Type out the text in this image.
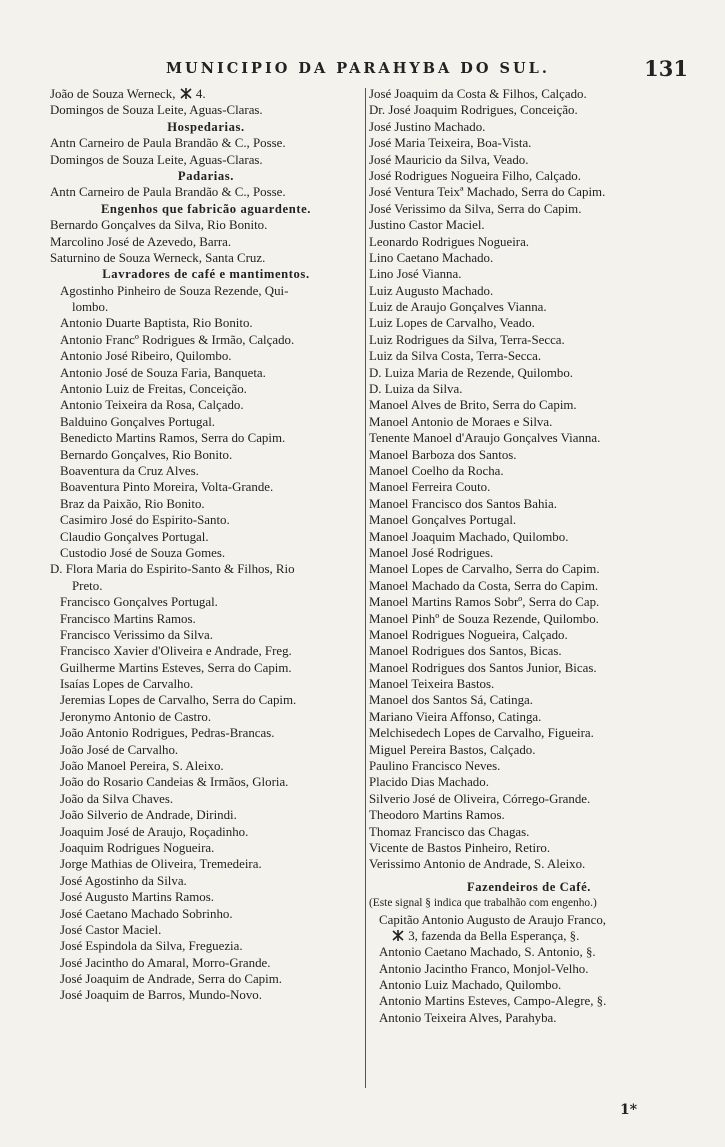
MUNICIPIO DA PARAHYBA DO SUL.	131
João de Souza Werneck,  4.
Domingos de Souza Leite, Aguas-Claras.
Hospedarias.
Antn Carneiro de Paula Brandão & C., Posse.
Domingos de Souza Leite, Aguas-Claras.
Padarias.
Antn Carneiro de Paula Brandão & C., Posse.
Engenhos que fabricão aguardente.
Bernardo Gonçalves da Silva, Rio Bonito.
Marcolino José de Azevedo, Barra.
Saturnino de Souza Werneck, Santa Cruz.
Lavradores de café e mantimentos.
Agostinho Pinheiro de Souza Rezende, Qui-
lombo.
Antonio Duarte Baptista, Rio Bonito.
Antonio Francº Rodrigues & Irmão, Calçado.
Antonio José Ribeiro, Quilombo.
Antonio José de Souza Faria, Banqueta.
Antonio Luiz de Freitas, Conceição.
Antonio Teixeira da Rosa, Calçado.
Balduino Gonçalves Portugal.
Benedicto Martins Ramos, Serra do Capim.
Bernardo Gonçalves, Rio Bonito.
Boaventura da Cruz Alves.
Boaventura Pinto Moreira, Volta-Grande.
Braz da Paixão, Rio Bonito.
Casimiro José do Espirito-Santo.
Claudio Gonçalves Portugal.
Custodio José de Souza Gomes.
D. Flora Maria do Espirito-Santo & Filhos, Rio
Preto.
Francisco Gonçalves Portugal.
Francisco Martins Ramos.
Francisco Verissimo da Silva.
Francisco Xavier d'Oliveira e Andrade, Freg.
Guilherme Martins Esteves, Serra do Capim.
Isaías Lopes de Carvalho.
Jeremias Lopes de Carvalho, Serra do Capim.
Jeronymo Antonio de Castro.
João Antonio Rodrigues, Pedras-Brancas.
João José de Carvalho.
João Manoel Pereira, S. Aleixo.
João do Rosario Candeias & Irmãos, Gloria.
João da Silva Chaves.
João Silverio de Andrade, Dirindi.
Joaquim José de Araujo, Roçadinho.
Joaquim Rodrigues Nogueira.
Jorge Mathias de Oliveira, Tremedeira.
José Agostinho da Silva.
José Augusto Martins Ramos.
José Caetano Machado Sobrinho.
José Castor Maciel.
José Espindola da Silva, Freguezia.
José Jacintho do Amaral, Morro-Grande.
José Joaquim de Andrade, Serra do Capim.
José Joaquim de Barros, Mundo-Novo.
José Joaquim da Costa & Filhos, Calçado.
Dr. José Joaquim Rodrigues, Conceição.
José Justino Machado.
José Maria Teixeira, Boa-Vista.
José Mauricio da Silva, Veado.
José Rodrigues Nogueira Filho, Calçado.
José Ventura Teixª Machado, Serra do Capim.
José Verissimo da Silva, Serra do Capim.
Justino Castor Maciel.
Leonardo Rodrigues Nogueira.
Lino Caetano Machado.
Lino José Vianna.
Luiz Augusto Machado.
Luiz de Araujo Gonçalves Vianna.
Luiz Lopes de Carvalho, Veado.
Luiz Rodrigues da Silva, Terra-Secca.
Luiz da Silva Costa, Terra-Secca.
D. Luiza Maria de Rezende, Quilombo.
D. Luiza da Silva.
Manoel Alves de Brito, Serra do Capim.
Manoel Antonio de Moraes e Silva.
Tenente Manoel d'Araujo Gonçalves Vianna.
Manoel Barboza dos Santos.
Manoel Coelho da Rocha.
Manoel Ferreira Couto.
Manoel Francisco dos Santos Bahia.
Manoel Gonçalves Portugal.
Manoel Joaquim Machado, Quilombo.
Manoel José Rodrigues.
Manoel Lopes de Carvalho, Serra do Capim.
Manoel Machado da Costa, Serra do Capim.
Manoel Martins Ramos Sobrº, Serra do Cap.
Manoel Pinhº de Souza Rezende, Quilombo.
Manoel Rodrigues Nogueira, Calçado.
Manoel Rodrigues dos Santos, Bicas.
Manoel Rodrigues dos Santos Junior, Bicas.
Manoel Teixeira Bastos.
Manoel dos Santos Sá, Catinga.
Mariano Vieira Affonso, Catinga.
Melchisedech Lopes de Carvalho, Figueira.
Miguel Pereira Bastos, Calçado.
Paulino Francisco Neves.
Placido Dias Machado.
Silverio José de Oliveira, Córrego-Grande.
Theodoro Martins Ramos.
Thomaz Francisco das Chagas.
Vicente de Bastos Pinheiro, Retiro.
Verissimo Antonio de Andrade, S. Aleixo.
Fazendeiros de Café.
(Este signal § indica que trabalhão com engenho.)
Capitão Antonio Augusto de Araujo Franco,
3, fazenda da Bella Esperança, §.
Antonio Caetano Machado, S. Antonio, §.
Antonio Jacintho Franco, Monjol-Velho.
Antonio Luiz Machado, Quilombo.
Antonio Martins Esteves, Campo-Alegre, §.
Antonio Teixeira Alves, Parahyba.
1*
